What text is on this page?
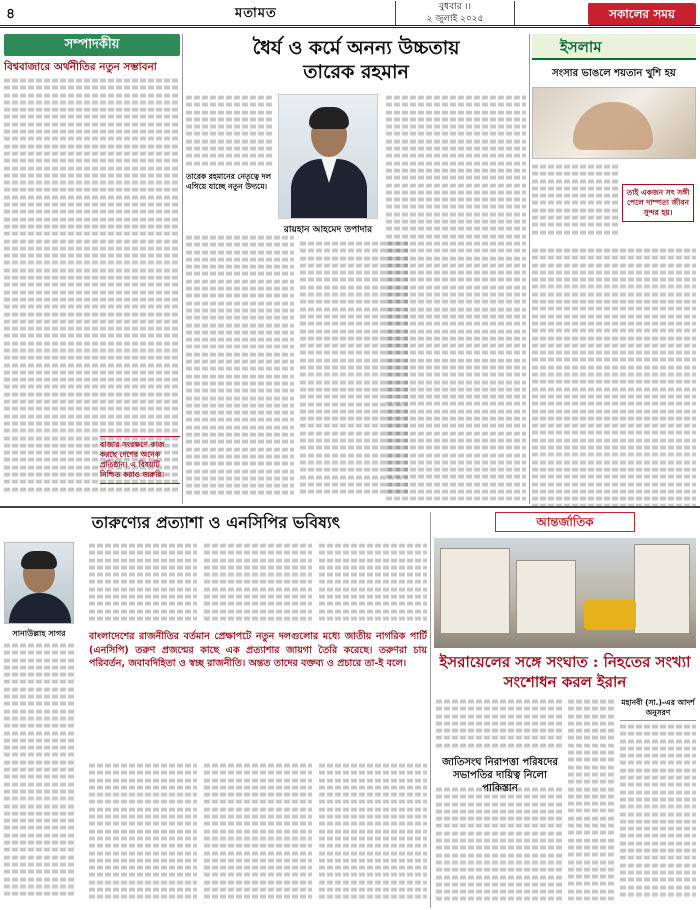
৪	মতামত	বুধবার ।।
২ জুলাই ২০২৫	সকালের সময়
সম্পাদকীয়
বিশ্ববাজারে অর্থনীতির নতুন সম্ভাবনা
বাজার সংরক্ষণে কাজ করছে দেশের অনেক প্রতিষ্ঠান। এ বিষয়টি নিশ্চিত করাও জরুরি।
ধৈর্য ও কর্মে অনন্য উচ্চতায়
তারেক রহমান
তারেক রহমানের নেতৃত্বে দল এগিয়ে যাচ্ছে নতুন উদ্যমে।
রায়হান আহমেদ তপাদার
ইসলাম
সংসার ভাঙলে শয়তান খুশি হয়
তাই একজন সৎ সঙ্গী পেলে দাম্পত্য জীবন সুন্দর হয়।
তারুণ্যের প্রত্যাশা ও এনসিপির ভবিষ্যৎ
সানাউল্লাহ সাগর	বাংলাদেশের রাজনীতির বর্তমান প্রেক্ষাপটে নতুন দলগুলোর মধ্যে জাতীয় নাগরিক পার্টি (এনসিপি) তরুণ প্রজন্মের কাছে এক প্রত্যাশার জায়গা তৈরি করেছে। তরুণরা চায় পরিবর্তন, জবাবদিহিতা ও স্বচ্ছ রাজনীতি। অন্তত তাদের বক্তব্য ও প্রচারে তা-ই বলে।
আন্তর্জাতিক
ইসরায়েলের সঙ্গে সংঘাত : নিহতের সংখ্যা সংশোধন করল ইরান
জাতিসংঘ নিরাপত্তা পরিষদের সভাপতির দায়িত্ব নিলো পাকিস্তান
মহানবী (সা.)-এর আদর্শ অনুসরণ
